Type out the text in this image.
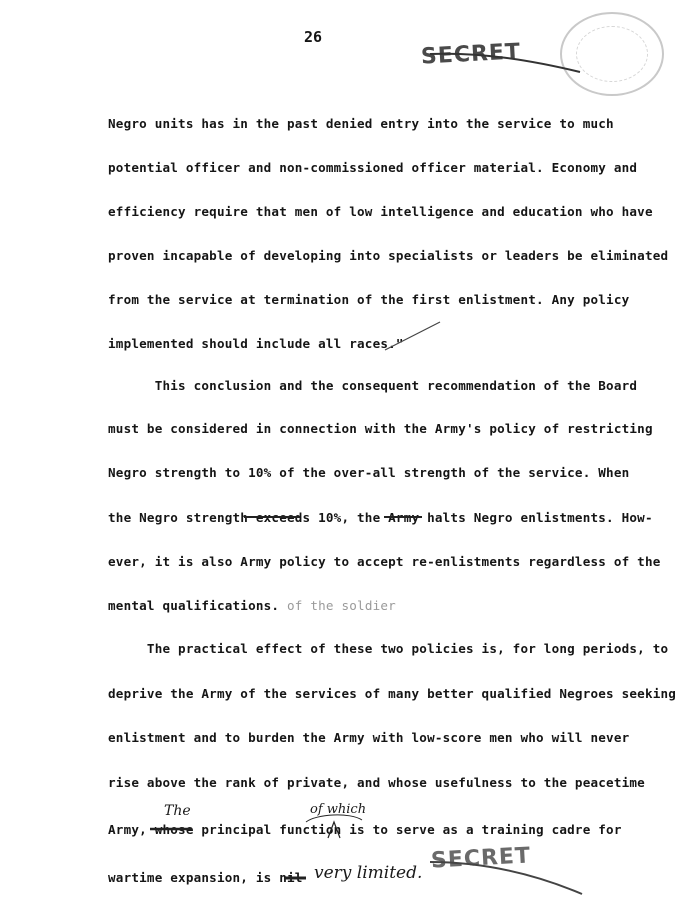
26
SECRET
Negro units has in the past denied entry into the service to much
potential officer and non-commissioned officer material. Economy and
efficiency require that men of low intelligence and education who have
proven incapable of developing into specialists or leaders be eliminated
from the service at termination of the first enlistment. Any policy
implemented should include all races."
This conclusion and the consequent recommendation of the Board
must be considered in connection with the Army's policy of restricting
Negro strength to 10% of the over-all strength of the service. When
the Negro strength exceeds 10%, the Army halts Negro enlistments. How-
ever, it is also Army policy to accept re-enlistments regardless of the
mental qualifications. of the soldier
The practical effect of these two policies is, for long periods, to
deprive the Army of the services of many better qualified Negroes seeking
enlistment and to burden the Army with low-score men who will never
rise above the rank of private, and whose usefulness to the peacetime
Army, whose principal function is to serve as a training cadre for
wartime expansion, is nil
The	of which
very limited. SECRET
